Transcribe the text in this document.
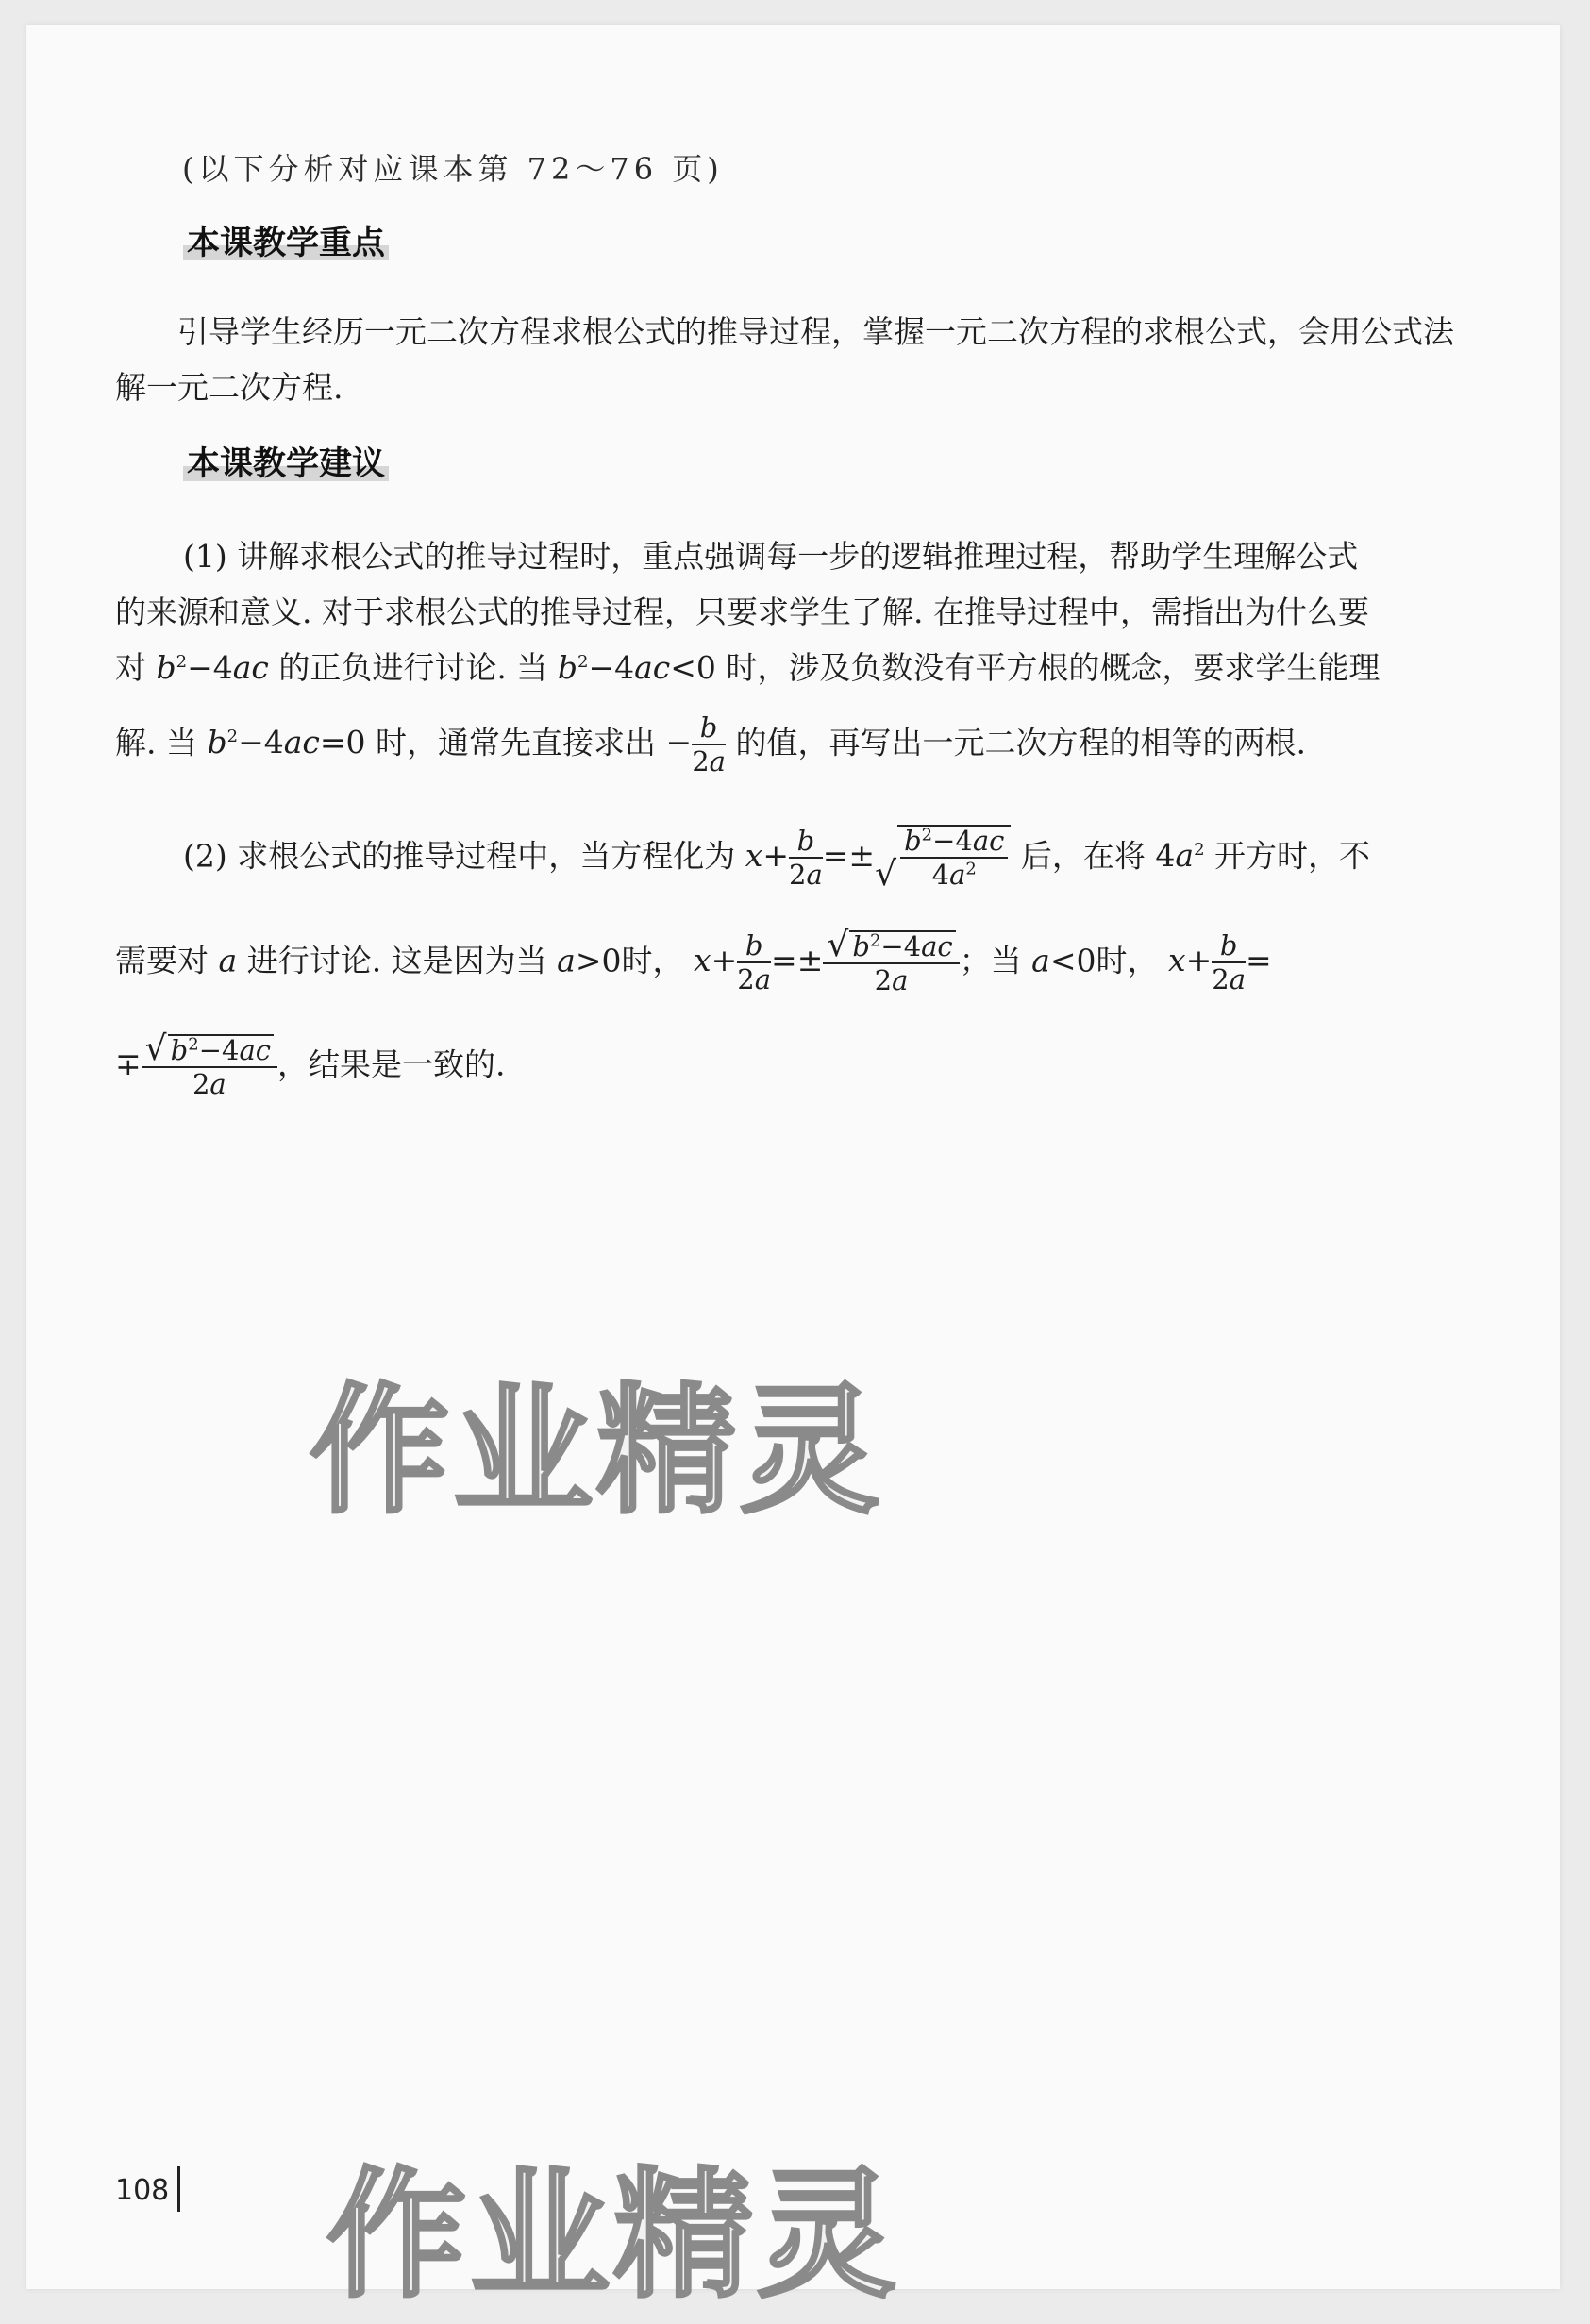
(以下分析对应课本第 72～76 页)
本课教学重点
引导学生经历一元二次方程求根公式的推导过程，掌握一元二次方程的求根公式，会用公式法解一元二次方程.
本课教学建议
(1) 讲解求根公式的推导过程时，重点强调每一步的逻辑推理过程，帮助学生理解公式
的来源和意义. 对于求根公式的推导过程，只要求学生了解. 在推导过程中，需指出为什么要
对 $b^2-4ac$ 的正负进行讨论. 当 $b^2-4ac<0$ 时，涉及负数没有平方根的概念，要求学生能理
解. 当 $b^2-4ac=0$ 时，通常先直接求出 − $\frac{b}{2a}$ 的值，再写出一元二次方程的相等的两根.
(2) 求根公式的推导过程中，当方程化为 $x+ \frac{b}{2a}$ =± √ $\frac{b^2-4ac}{4a^2}$ 后，在将 $4a^2$ 开方时，不
需要对 a 进行讨论. 这是因为当 a>0时， $x+ \frac{b}{2a} =\pm \frac{√ b^2-4ac}{2a}$ ；当 a<0时， $x+ \frac{b}{2a}$ =
∓ $\frac{√ b^2-4ac}{2a}$ ，结果是一致的.
作业精灵
作业精灵
108
